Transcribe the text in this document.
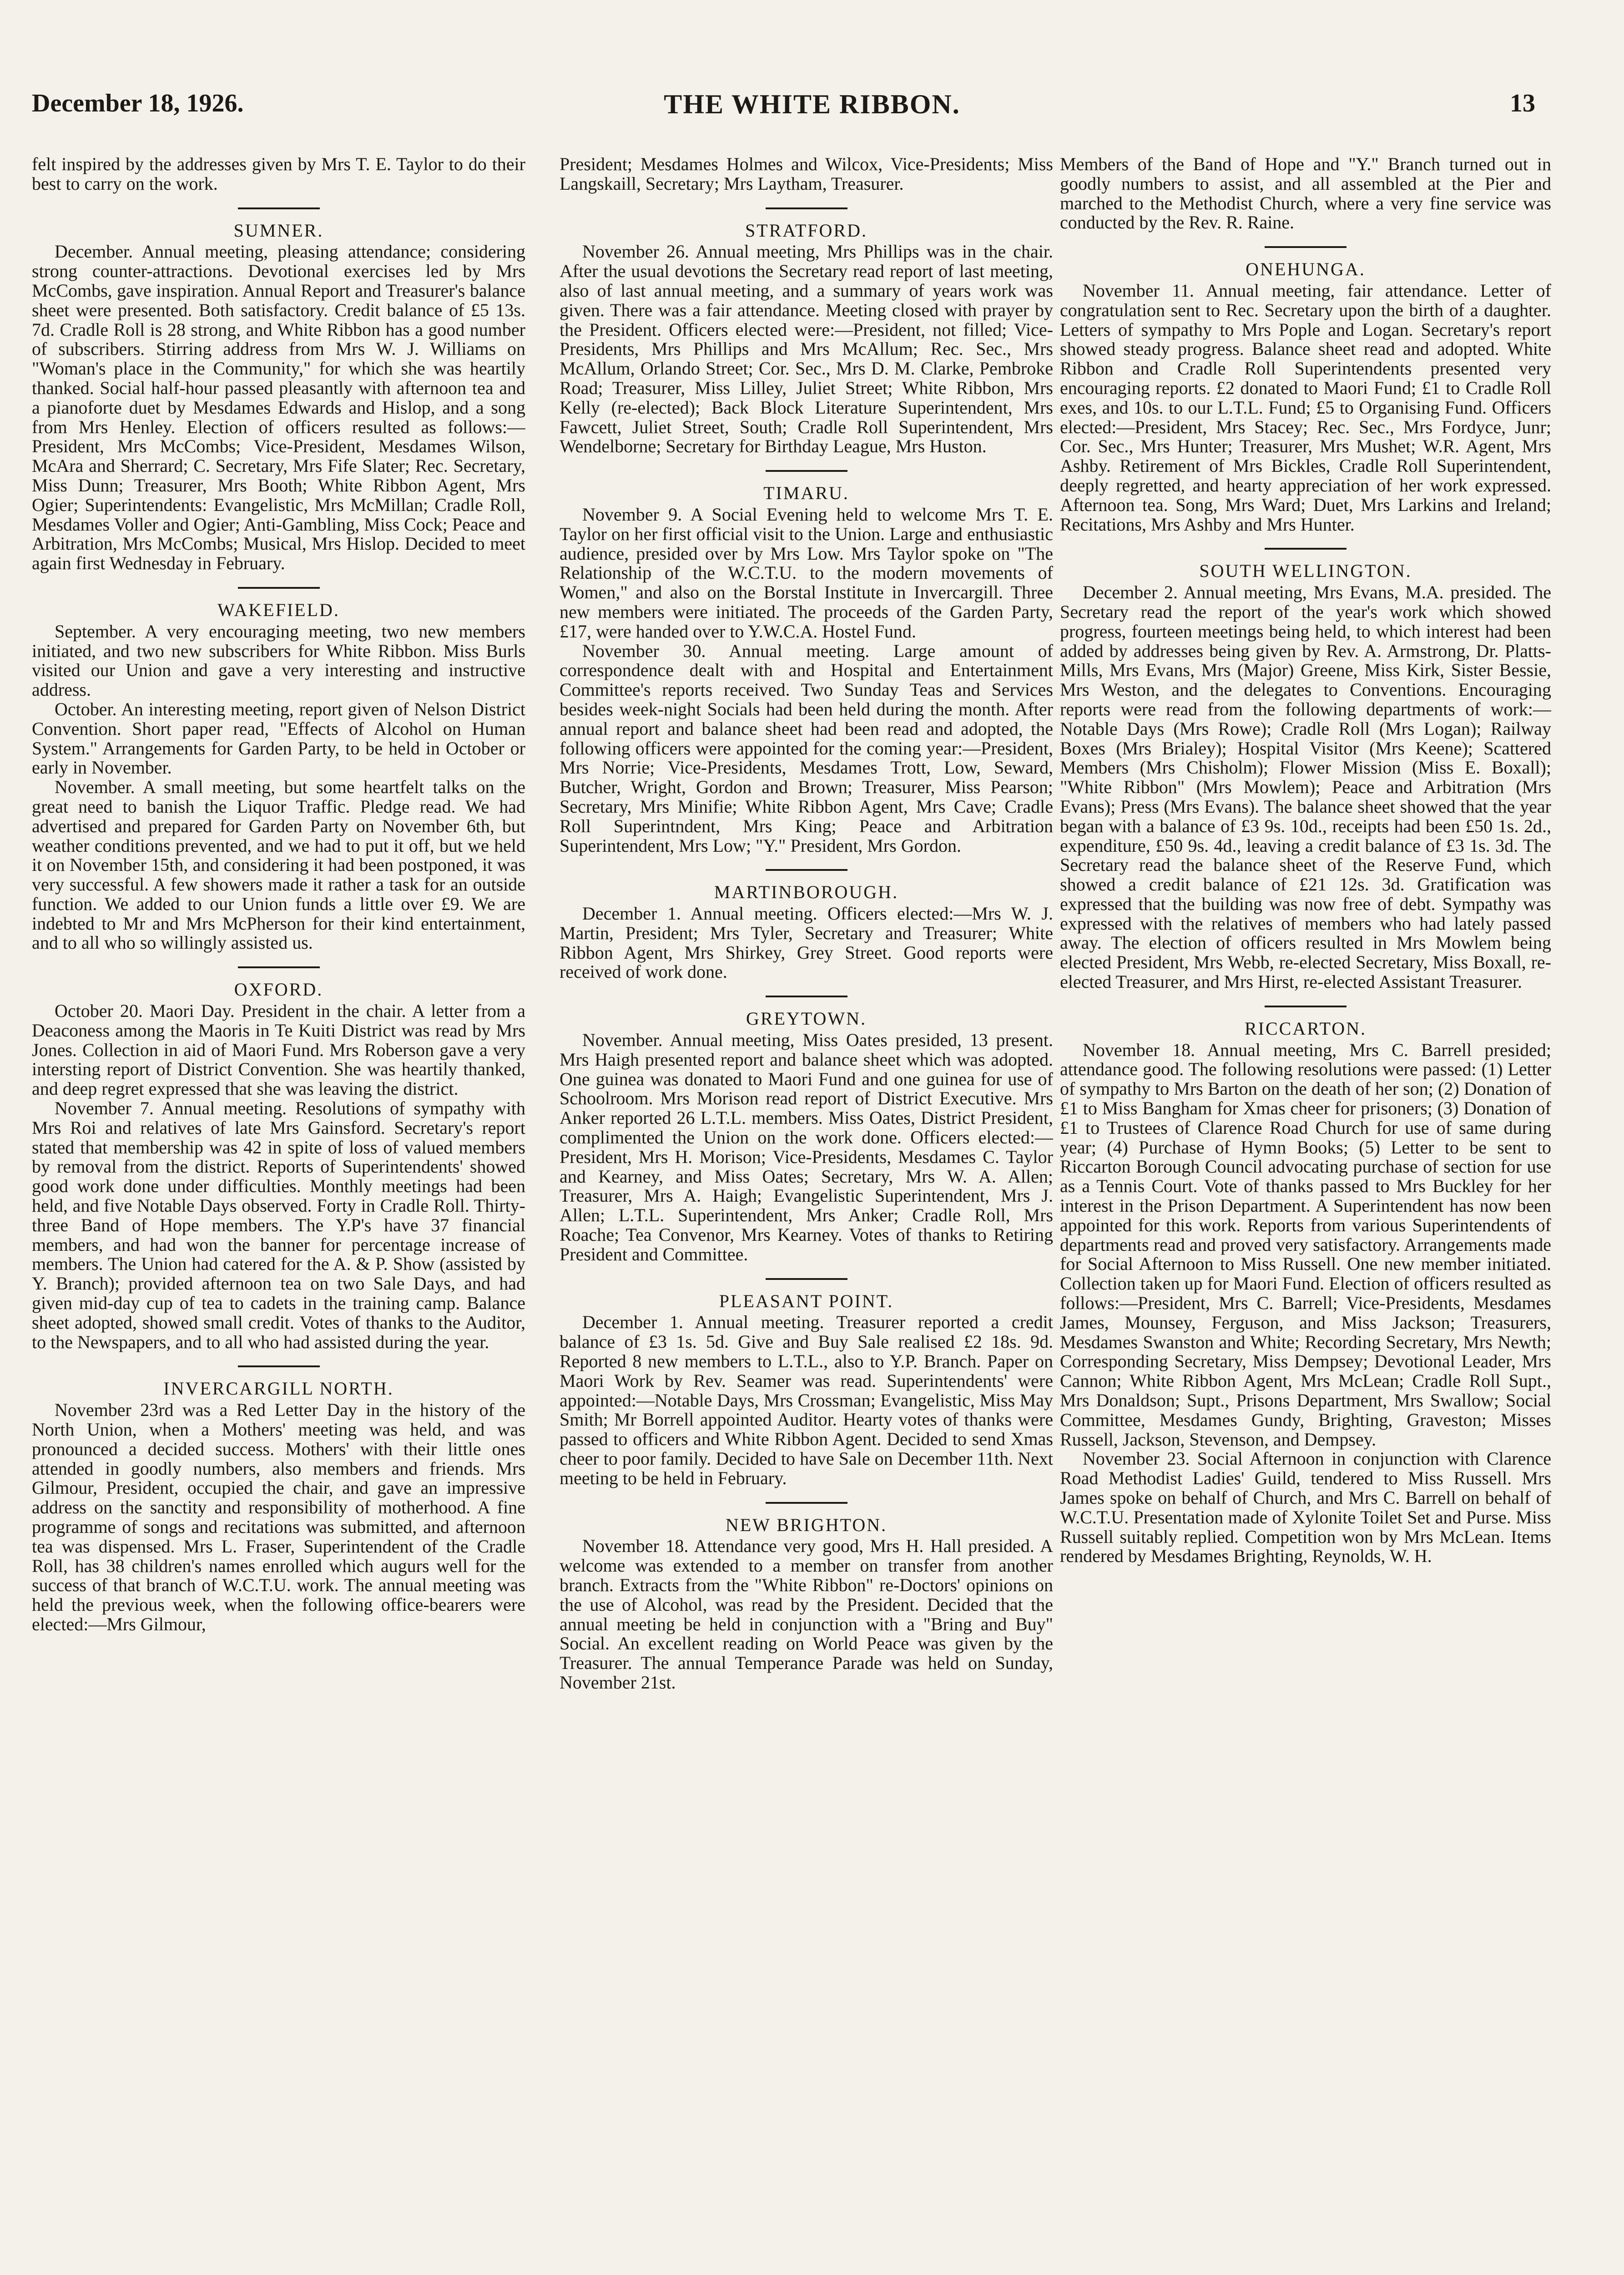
December 18, 1926.	THE WHITE RIBBON.	13

felt inspired by the addresses given by Mrs T. E. Taylor to do their best to carry on the work.

SUMNER.

December. Annual meeting, pleasing attendance; considering strong counter-attractions. Devotional exercises led by Mrs McCombs, gave inspiration. Annual Report and Treasurer's balance sheet were presented. Both satisfactory. Credit balance of £5 13s. 7d. Cradle Roll is 28 strong, and White Ribbon has a good number of subscribers. Stirring address from Mrs W. J. Williams on "Woman's place in the Community," for which she was heartily thanked. Social half-hour passed pleasantly with afternoon tea and a pianoforte duet by Mesdames Edwards and Hislop, and a song from Mrs Henley. Election of officers resulted as follows:—President, Mrs McCombs; Vice-President, Mesdames Wilson, McAra and Sherrard; C. Secretary, Mrs Fife Slater; Rec. Secretary, Miss Dunn; Treasurer, Mrs Booth; White Ribbon Agent, Mrs Ogier; Superintendents: Evangelistic, Mrs McMillan; Cradle Roll, Mesdames Voller and Ogier; Anti-Gambling, Miss Cock; Peace and Arbitration, Mrs McCombs; Musical, Mrs Hislop. Decided to meet again first Wednesday in February.

WAKEFIELD.

September. A very encouraging meeting, two new members initiated, and two new subscribers for White Ribbon. Miss Burls visited our Union and gave a very interesting and instructive address.

October. An interesting meeting, report given of Nelson District Convention. Short paper read, "Effects of Alcohol on Human System." Arrangements for Garden Party, to be held in October or early in November.

November. A small meeting, but some heartfelt talks on the great need to banish the Liquor Traffic. Pledge read. We had advertised and prepared for Garden Party on November 6th, but weather conditions prevented, and we had to put it off, but we held it on November 15th, and considering it had been postponed, it was very successful. A few showers made it rather a task for an outside function. We added to our Union funds a little over £9. We are indebted to Mr and Mrs McPherson for their kind entertainment, and to all who so willingly assisted us.

OXFORD.

October 20. Maori Day. President in the chair. A letter from a Deaconess among the Maoris in Te Kuiti District was read by Mrs Jones. Collection in aid of Maori Fund. Mrs Roberson gave a very intersting report of District Convention. She was heartily thanked, and deep regret expressed that she was leaving the district.

November 7. Annual meeting. Resolutions of sympathy with Mrs Roi and relatives of late Mrs Gainsford. Secretary's report stated that membership was 42 in spite of loss of valued members by removal from the district. Reports of Superintendents' showed good work done under difficulties. Monthly meetings had been held, and five Notable Days observed. Forty in Cradle Roll. Thirty-three Band of Hope members. The Y.P's have 37 financial members, and had won the banner for percentage increase of members. The Union had catered for the A. & P. Show (assisted by Y. Branch); provided afternoon tea on two Sale Days, and had given mid-day cup of tea to cadets in the training camp. Balance sheet adopted, showed small credit. Votes of thanks to the Auditor, to the Newspapers, and to all who had assisted during the year.

INVERCARGILL NORTH.

November 23rd was a Red Letter Day in the history of the North Union, when a Mothers' meeting was held, and was pronounced a decided success. Mothers' with their little ones attended in goodly numbers, also members and friends. Mrs Gilmour, President, occupied the chair, and gave an impressive address on the sanctity and responsibility of motherhood. A fine programme of songs and recitations was submitted, and afternoon tea was dispensed. Mrs L. Fraser, Superintendent of the Cradle Roll, has 38 children's names enrolled which augurs well for the success of that branch of W.C.T.U. work. The annual meeting was held the previous week, when the following office-bearers were elected:—Mrs Gilmour,

President; Mesdames Holmes and Wilcox, Vice-Presidents; Miss Langskaill, Secretary; Mrs Laytham, Treasurer.

STRATFORD.

November 26. Annual meeting, Mrs Phillips was in the chair. After the usual devotions the Secretary read report of last meeting, also of last annual meeting, and a summary of years work was given. There was a fair attendance. Meeting closed with prayer by the President. Officers elected were:—President, not filled; Vice-Presidents, Mrs Phillips and Mrs McAllum; Rec. Sec., Mrs McAllum, Orlando Street; Cor. Sec., Mrs D. M. Clarke, Pembroke Road; Treasurer, Miss Lilley, Juliet Street; White Ribbon, Mrs Kelly (re-elected); Back Block Literature Superintendent, Mrs Fawcett, Juliet Street, South; Cradle Roll Superintendent, Mrs Wendelborne; Secretary for Birthday League, Mrs Huston.

TIMARU.

November 9. A Social Evening held to welcome Mrs T. E. Taylor on her first official visit to the Union. Large and enthusiastic audience, presided over by Mrs Low. Mrs Taylor spoke on "The Relationship of the W.C.T.U. to the modern movements of Women," and also on the Borstal Institute in Invercargill. Three new members were initiated. The proceeds of the Garden Party, £17, were handed over to Y.W.C.A. Hostel Fund.

November 30. Annual meeting. Large amount of correspondence dealt with and Hospital and Entertainment Committee's reports received. Two Sunday Teas and Services besides week-night Socials had been held during the month. After annual report and balance sheet had been read and adopted, the following officers were appointed for the coming year:—President, Mrs Norrie; Vice-Presidents, Mesdames Trott, Low, Seward, Butcher, Wright, Gordon and Brown; Treasurer, Miss Pearson; Secretary, Mrs Minifie; White Ribbon Agent, Mrs Cave; Cradle Roll Superintndent, Mrs King; Peace and Arbitration Superintendent, Mrs Low; "Y." President, Mrs Gordon.

MARTINBOROUGH.

December 1. Annual meeting. Officers elected:—Mrs W. J. Martin, President; Mrs Tyler, Secretary and Treasurer; White Ribbon Agent, Mrs Shirkey, Grey Street. Good reports were received of work done.

GREYTOWN.

November. Annual meeting, Miss Oates presided, 13 present. Mrs Haigh presented report and balance sheet which was adopted. One guinea was donated to Maori Fund and one guinea for use of Schoolroom. Mrs Morison read report of District Executive. Mrs Anker reported 26 L.T.L. members. Miss Oates, District President, complimented the Union on the work done. Officers elected:—President, Mrs H. Morison; Vice-Presidents, Mesdames C. Taylor and Kearney, and Miss Oates; Secretary, Mrs W. A. Allen; Treasurer, Mrs A. Haigh; Evangelistic Superintendent, Mrs J. Allen; L.T.L. Superintendent, Mrs Anker; Cradle Roll, Mrs Roache; Tea Convenor, Mrs Kearney. Votes of thanks to Retiring President and Committee.

PLEASANT POINT.

December 1. Annual meeting. Treasurer reported a credit balance of £3 1s. 5d. Give and Buy Sale realised £2 18s. 9d. Reported 8 new members to L.T.L., also to Y.P. Branch. Paper on Maori Work by Rev. Seamer was read. Superintendents' were appointed:—Notable Days, Mrs Crossman; Evangelistic, Miss May Smith; Mr Borrell appointed Auditor. Hearty votes of thanks were passed to officers and White Ribbon Agent. Decided to send Xmas cheer to poor family. Decided to have Sale on December 11th. Next meeting to be held in February.

NEW BRIGHTON.

November 18. Attendance very good, Mrs H. Hall presided. A welcome was extended to a member on transfer from another branch. Extracts from the "White Ribbon" re-Doctors' opinions on the use of Alcohol, was read by the President. Decided that the annual meeting be held in conjunction with a "Bring and Buy" Social. An excellent reading on World Peace was given by the Treasurer. The annual Temperance Parade was held on Sunday, November 21st.

Members of the Band of Hope and "Y." Branch turned out in goodly numbers to assist, and all assembled at the Pier and marched to the Methodist Church, where a very fine service was conducted by the Rev. R. Raine.

ONEHUNGA.

November 11. Annual meeting, fair attendance. Letter of congratulation sent to Rec. Secretary upon the birth of a daughter. Letters of sympathy to Mrs Pople and Logan. Secretary's report showed steady progress. Balance sheet read and adopted. White Ribbon and Cradle Roll Superintendents presented very encouraging reports. £2 donated to Maori Fund; £1 to Cradle Roll exes, and 10s. to our L.T.L. Fund; £5 to Organising Fund. Officers elected:—President, Mrs Stacey; Rec. Sec., Mrs Fordyce, Junr; Cor. Sec., Mrs Hunter; Treasurer, Mrs Mushet; W.R. Agent, Mrs Ashby. Retirement of Mrs Bickles, Cradle Roll Superintendent, deeply regretted, and hearty appreciation of her work expressed. Afternoon tea. Song, Mrs Ward; Duet, Mrs Larkins and Ireland; Recitations, Mrs Ashby and Mrs Hunter.

SOUTH WELLINGTON.

December 2. Annual meeting, Mrs Evans, M.A. presided. The Secretary read the report of the year's work which showed progress, fourteen meetings being held, to which interest had been added by addresses being given by Rev. A. Armstrong, Dr. Platts-Mills, Mrs Evans, Mrs (Major) Greene, Miss Kirk, Sister Bessie, Mrs Weston, and the delegates to Conventions. Encouraging reports were read from the following departments of work:—Notable Days (Mrs Rowe); Cradle Roll (Mrs Logan); Railway Boxes (Mrs Brialey); Hospital Visitor (Mrs Keene); Scattered Members (Mrs Chisholm); Flower Mission (Miss E. Boxall); "White Ribbon" (Mrs Mowlem); Peace and Arbitration (Mrs Evans); Press (Mrs Evans). The balance sheet showed that the year began with a balance of £3 9s. 10d., receipts had been £50 1s. 2d., expenditure, £50 9s. 4d., leaving a credit balance of £3 1s. 3d. The Secretary read the balance sheet of the Reserve Fund, which showed a credit balance of £21 12s. 3d. Gratification was expressed that the building was now free of debt. Sympathy was expressed with the relatives of members who had lately passed away. The election of officers resulted in Mrs Mowlem being elected President, Mrs Webb, re-elected Secretary, Miss Boxall, re-elected Treasurer, and Mrs Hirst, re-elected Assistant Treasurer.

RICCARTON.

November 18. Annual meeting, Mrs C. Barrell presided; attendance good. The following resolutions were passed: (1) Letter of sympathy to Mrs Barton on the death of her son; (2) Donation of £1 to Miss Bangham for Xmas cheer for prisoners; (3) Donation of £1 to Trustees of Clarence Road Church for use of same during year; (4) Purchase of Hymn Books; (5) Letter to be sent to Riccarton Borough Council advocating purchase of section for use as a Tennis Court. Vote of thanks passed to Mrs Buckley for her interest in the Prison Department. A Superintendent has now been appointed for this work. Reports from various Superintendents of departments read and proved very satisfactory. Arrangements made for Social Afternoon to Miss Russell. One new member initiated. Collection taken up for Maori Fund. Election of officers resulted as follows:—President, Mrs C. Barrell; Vice-Presidents, Mesdames James, Mounsey, Ferguson, and Miss Jackson; Treasurers, Mesdames Swanston and White; Recording Secretary, Mrs Newth; Corresponding Secretary, Miss Dempsey; Devotional Leader, Mrs Cannon; White Ribbon Agent, Mrs McLean; Cradle Roll Supt., Mrs Donaldson; Supt., Prisons Department, Mrs Swallow; Social Committee, Mesdames Gundy, Brighting, Graveston; Misses Russell, Jackson, Stevenson, and Dempsey.

November 23. Social Afternoon in conjunction with Clarence Road Methodist Ladies' Guild, tendered to Miss Russell. Mrs James spoke on behalf of Church, and Mrs C. Barrell on behalf of W.C.T.U. Presentation made of Xylonite Toilet Set and Purse. Miss Russell suitably replied. Competition won by Mrs McLean. Items rendered by Mesdames Brighting, Reynolds, W. H.
